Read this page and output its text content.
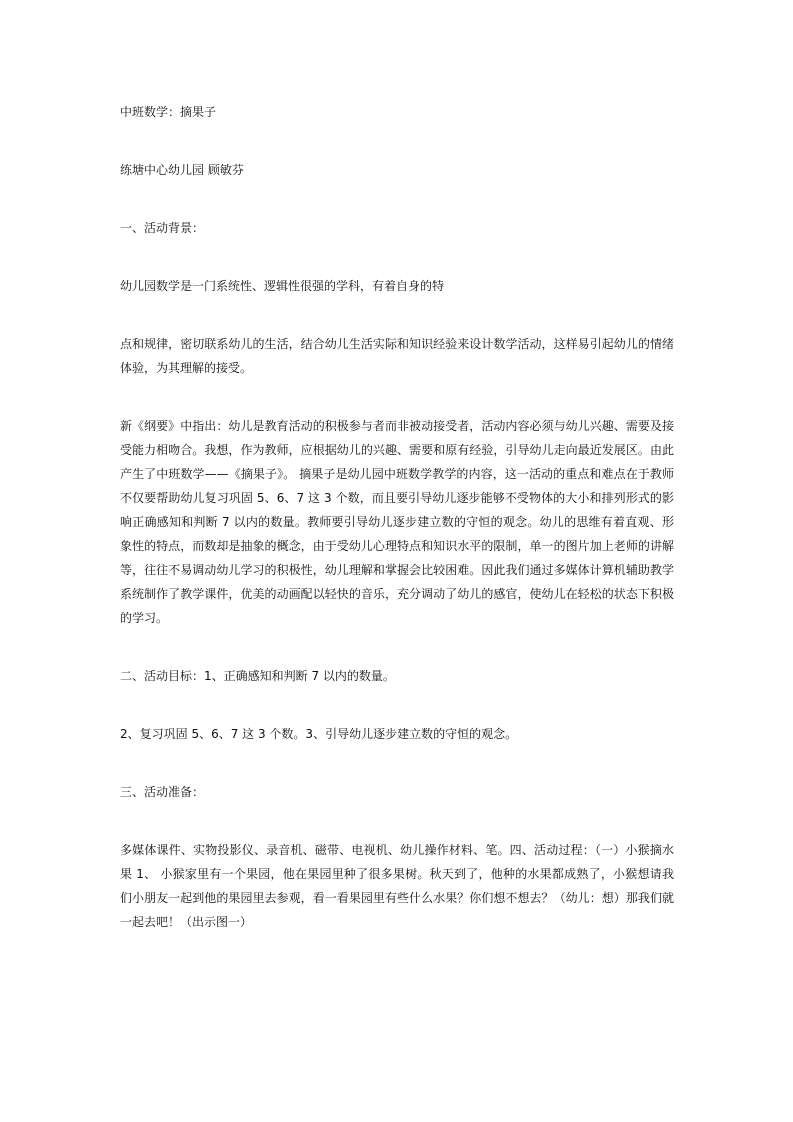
中班数学：摘果子

练塘中心幼儿园 顾敏芬

一、活动背景：

幼儿园数学是一门系统性、逻辑性很强的学科，有着自身的特

点和规律，密切联系幼儿的生活，结合幼儿生活实际和知识经验来设计数学活动，这样易引起幼儿的情绪体验，为其理解的接受。

新《纲要》中指出：幼儿是教育活动的积极参与者而非被动接受者，活动内容必须与幼儿兴趣、需要及接受能力相吻合。我想，作为教师，应根据幼儿的兴趣、需要和原有经验，引导幼儿走向最近发展区。由此产生了中班数学——《摘果子》。 摘果子是幼儿园中班数学教学的内容，这一活动的重点和难点在于教师不仅要帮助幼儿复习巩固 5、6、7 这 3 个数，而且要引导幼儿逐步能够不受物体的大小和排列形式的影响正确感知和判断 7 以内的数量。教师要引导幼儿逐步建立数的守恒的观念。幼儿的思维有着直观、形象性的特点，而数却是抽象的概念，由于受幼儿心理特点和知识水平的限制，单一的图片加上老师的讲解等，往往不易调动幼儿学习的积极性，幼儿理解和掌握会比较困难。因此我们通过多媒体计算机辅助教学系统制作了教学课件，优美的动画配以轻快的音乐，充分调动了幼儿的感官，使幼儿在轻松的状态下积极的学习。

二、活动目标：1、正确感知和判断 7 以内的数量。

2、复习巩固 5、6、7 这 3 个数。3、引导幼儿逐步建立数的守恒的观念。

三、活动准备：

多媒体课件、实物投影仪、录音机、磁带、电视机、幼儿操作材料、笔。四、活动过程：（一）小猴摘水果 1、 小猴家里有一个果园，他在果园里种了很多果树。秋天到了，他种的水果都成熟了，小猴想请我们小朋友一起到他的果园里去参观，看一看果园里有些什么水果？你们想不想去？（幼儿：想）那我们就一起去吧！（出示图一）
